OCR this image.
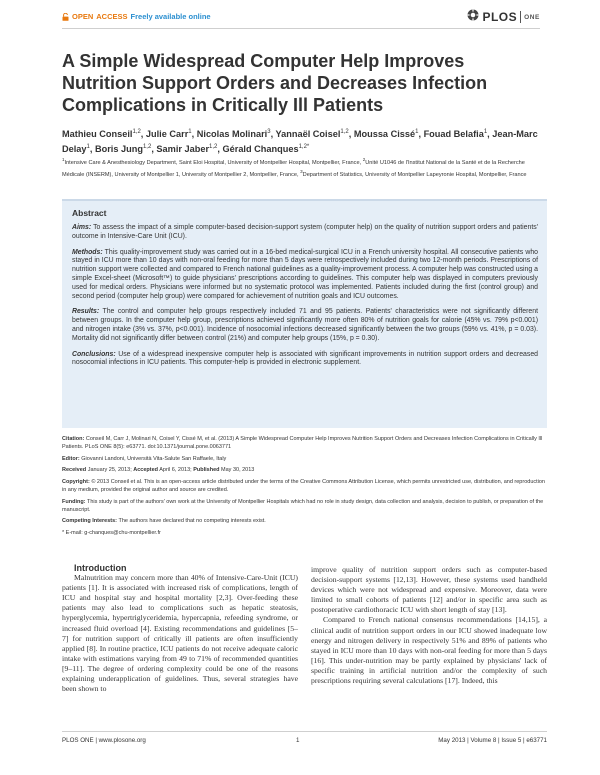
OPEN ACCESS Freely available online	PLOS ONE
A Simple Widespread Computer Help Improves Nutrition Support Orders and Decreases Infection Complications in Critically Ill Patients
Mathieu Conseil$^{1,2}$, Julie Carr$^1$, Nicolas Molinari$^3$, Yannaël Coisel$^{1,2}$, Moussa Cissé$^1$, Fouad Belafia$^1$, Jean-Marc Delay$^1$, Boris Jung$^{1,2}$, Samir Jaber$^{1,2}$, Gérald Chanques$^{1,2*}$
$^1$Intensive Care & Anesthesiology Department, Saint Eloi Hospital, University of Montpellier Hospital, Montpellier, France, $^2$Unité U1046 de l'Institut National de la Santé et de la Recherche Médicale (INSERM), University of Montpellier 1, University of Montpellier 2, Montpellier, France, $^3$Department of Statistics, University of Montpellier Lapeyronie Hospital, Montpellier, France
Abstract

Aims: To assess the impact of a simple computer-based decision-support system (computer help) on the quality of nutrition support orders and patients' outcome in Intensive-Care Unit (ICU).

Methods: This quality-improvement study was carried out in a 16-bed medical-surgical ICU in a French university hospital. All consecutive patients who stayed in ICU more than 10 days with non-oral feeding for more than 5 days were retrospectively included during two 12-month periods. Prescriptions of nutrition support were collected and compared to French national guidelines as a quality-improvement process. A computer help was constructed using a simple Excel-sheet (Microsoft™) to guide physicians' prescriptions according to guidelines. This computer help was displayed in computers previously used for medical orders. Physicians were informed but no systematic protocol was implemented. Patients included during the first (control group) and second period (computer help group) were compared for achievement of nutrition goals and ICU outcomes.

Results: The control and computer help groups respectively included 71 and 95 patients. Patients' characteristics were not significantly different between groups. In the computer help group, prescriptions achieved significantly more often 80% of nutrition goals for calorie (45% vs. 79% p<0.001) and nitrogen intake (3% vs. 37%, p<0.001). Incidence of nosocomial infections decreased significantly between the two groups (59% vs. 41%, p = 0.03). Mortality did not significantly differ between control (21%) and computer help groups (15%, p = 0.30).

Conclusions: Use of a widespread inexpensive computer help is associated with significant improvements in nutrition support orders and decreased nosocomial infections in ICU patients. This computer-help is provided in electronic supplement.

Citation: Conseil M, Carr J, Molinari N, Coisel Y, Cissé M, et al. (2013) A Simple Widespread Computer Help Improves Nutrition Support Orders and Decreases Infection Complications in Critically Ill Patients. PLoS ONE 8(5): e63771. doi:10.1371/journal.pone.0063771

Editor: Giovanni Landoni, Università Vita-Salute San Raffaele, Italy

Received January 25, 2013; Accepted April 6, 2013; Published May 30, 2013

Copyright: © 2013 Conseil et al. This is an open-access article distributed under the terms of the Creative Commons Attribution License, which permits unrestricted use, distribution, and reproduction in any medium, provided the original author and source are credited.

Funding: This study is part of the authors' own work at the University of Montpellier Hospitals which had no role in study design, data collection and analysis, decision to publish, or preparation of the manuscript.

Competing Interests: The authors have declared that no competing interests exist.

* E-mail: g-chanques@chu-montpellier.fr

Introduction

Malnutrition may concern more than 40% of Intensive-Care-Unit (ICU) patients [1]. It is associated with increased risk of complications, length of ICU and hospital stay and hospital mortality [2,3]. Over-feeding these patients may also lead to complications such as hepatic steatosis, hyperglycemia, hypertriglyceridemia, hypercapnia, refeeding syndrome, or increased fluid overload [4]. Existing recommendations and guidelines [5–7] for nutrition support of critically ill patients are often insufficiently applied [8]. In routine practice, ICU patients do not receive adequate caloric intake with estimations varying from 49 to 71% of recommended quantities [9–11]. The degree of ordering complexity could be one of the reasons explaining underapplication of guidelines. Thus, several strategies have been shown to

improve quality of nutrition support orders such as computer-based decision-support systems [12,13]. However, these systems used handheld devices which were not widespread and expensive. Moreover, data were limited to small cohorts of patients [12] and/or in specific area such as postoperative cardiothoracic ICU with short length of stay [13].

Compared to French national consensus recommendations [14,15], a clinical audit of nutrition support orders in our ICU showed inadequate low energy and nitrogen delivery in respectively 51% and 89% of patients who stayed in ICU more than 10 days with non-oral feeding for more than 5 days [16]. This under-nutrition may be partly explained by physicians' lack of specific training in artificial nutrition and/or the complexity of such prescriptions requiring several calculations [17]. Indeed, this

PLOS ONE | www.plosone.org	1	May 2013 | Volume 8 | Issue 5 | e63771
